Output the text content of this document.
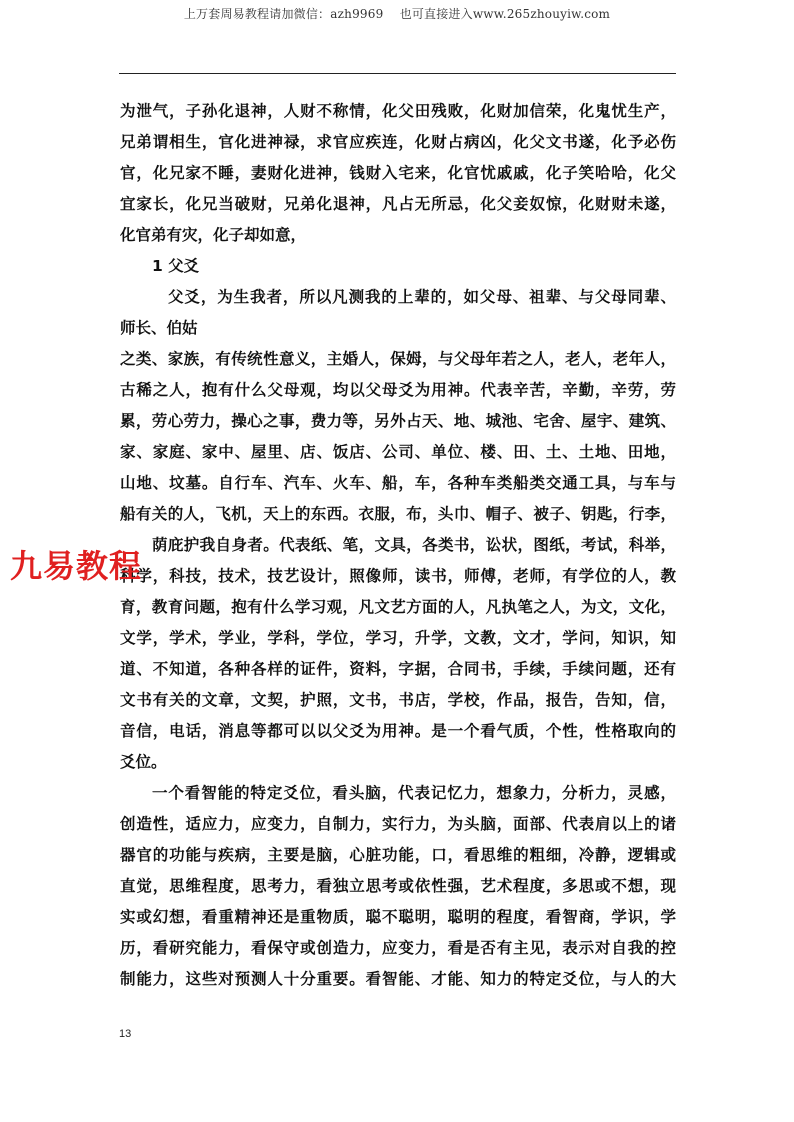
上万套周易教程请加微信：azh9969　 也可直接进入www.265zhouyiw.com
为泄气，子孙化退神，人财不称情，化父田残败，化财加信荣，化鬼忧生产，
兄弟谓相生，官化进神禄，求官应疾连，化财占病凶，化父文书遂，化予必伤
官，化兄家不睡，妻财化进神，钱财入宅来，化官忧戚戚，化子笑哈哈，化父
宜家长，化兄当破财，兄弟化退神，凡占无所忌，化父妾奴惊，化财财未遂，
化官弟有灾，化子却如意，
1 父爻
父爻，为生我者，所以凡测我的上辈的，如父母、祖辈、与父母同辈、
师长、伯姑
之类、家族，有传统性意义，主婚人，保姆，与父母年若之人，老人，老年人，
古稀之人，抱有什么父母观，均以父母爻为用神。代表辛苦，辛勤，辛劳，劳
累，劳心劳力，操心之事，费力等，另外占天、地、城池、宅舍、屋宇、建筑、
家、家庭、家中、屋里、店、饭店、公司、单位、楼、田、土、土地、田地，
山地、坟墓。自行车、汽车、火车、船，车，各种车类船类交通工具，与车与
船有关的人，飞机，天上的东西。衣服，布，头巾、帽子、被子、钥匙，行李，
荫庇护我自身者。代表纸、笔，文具，各类书，讼状，图纸，考试，科举，
科学，科技，技术，技艺设计，照像师，读书，师傅，老师，有学位的人，教
育，教育问题，抱有什么学习观，凡文艺方面的人，凡执笔之人，为文，文化，
文学，学术，学业，学科，学位，学习，升学，文教，文才，学问，知识，知
道、不知道，各种各样的证件，资料，字据，合同书，手续，手续问题，还有
文书有关的文章，文契，护照，文书，书店，学校，作品，报告，告知，信，
音信，电话，消息等都可以以父爻为用神。是一个看气质，个性，性格取向的
爻位。
一个看智能的特定爻位，看头脑，代表记忆力，想象力，分析力，灵感，
创造性，适应力，应变力，自制力，实行力，为头脑，面部、代表肩以上的诸
器官的功能与疾病，主要是脑，心脏功能，口，看思维的粗细，冷静，逻辑或
直觉，思维程度，思考力，看独立思考或依性强，艺术程度，多思或不想，现
实或幻想，看重精神还是重物质，聪不聪明，聪明的程度，看智商，学识，学
历，看研究能力，看保守或创造力，应变力，看是否有主见，表示对自我的控
制能力，这些对预测人十分重要。看智能、才能、知力的特定爻位，与人的大
九易教程
13
